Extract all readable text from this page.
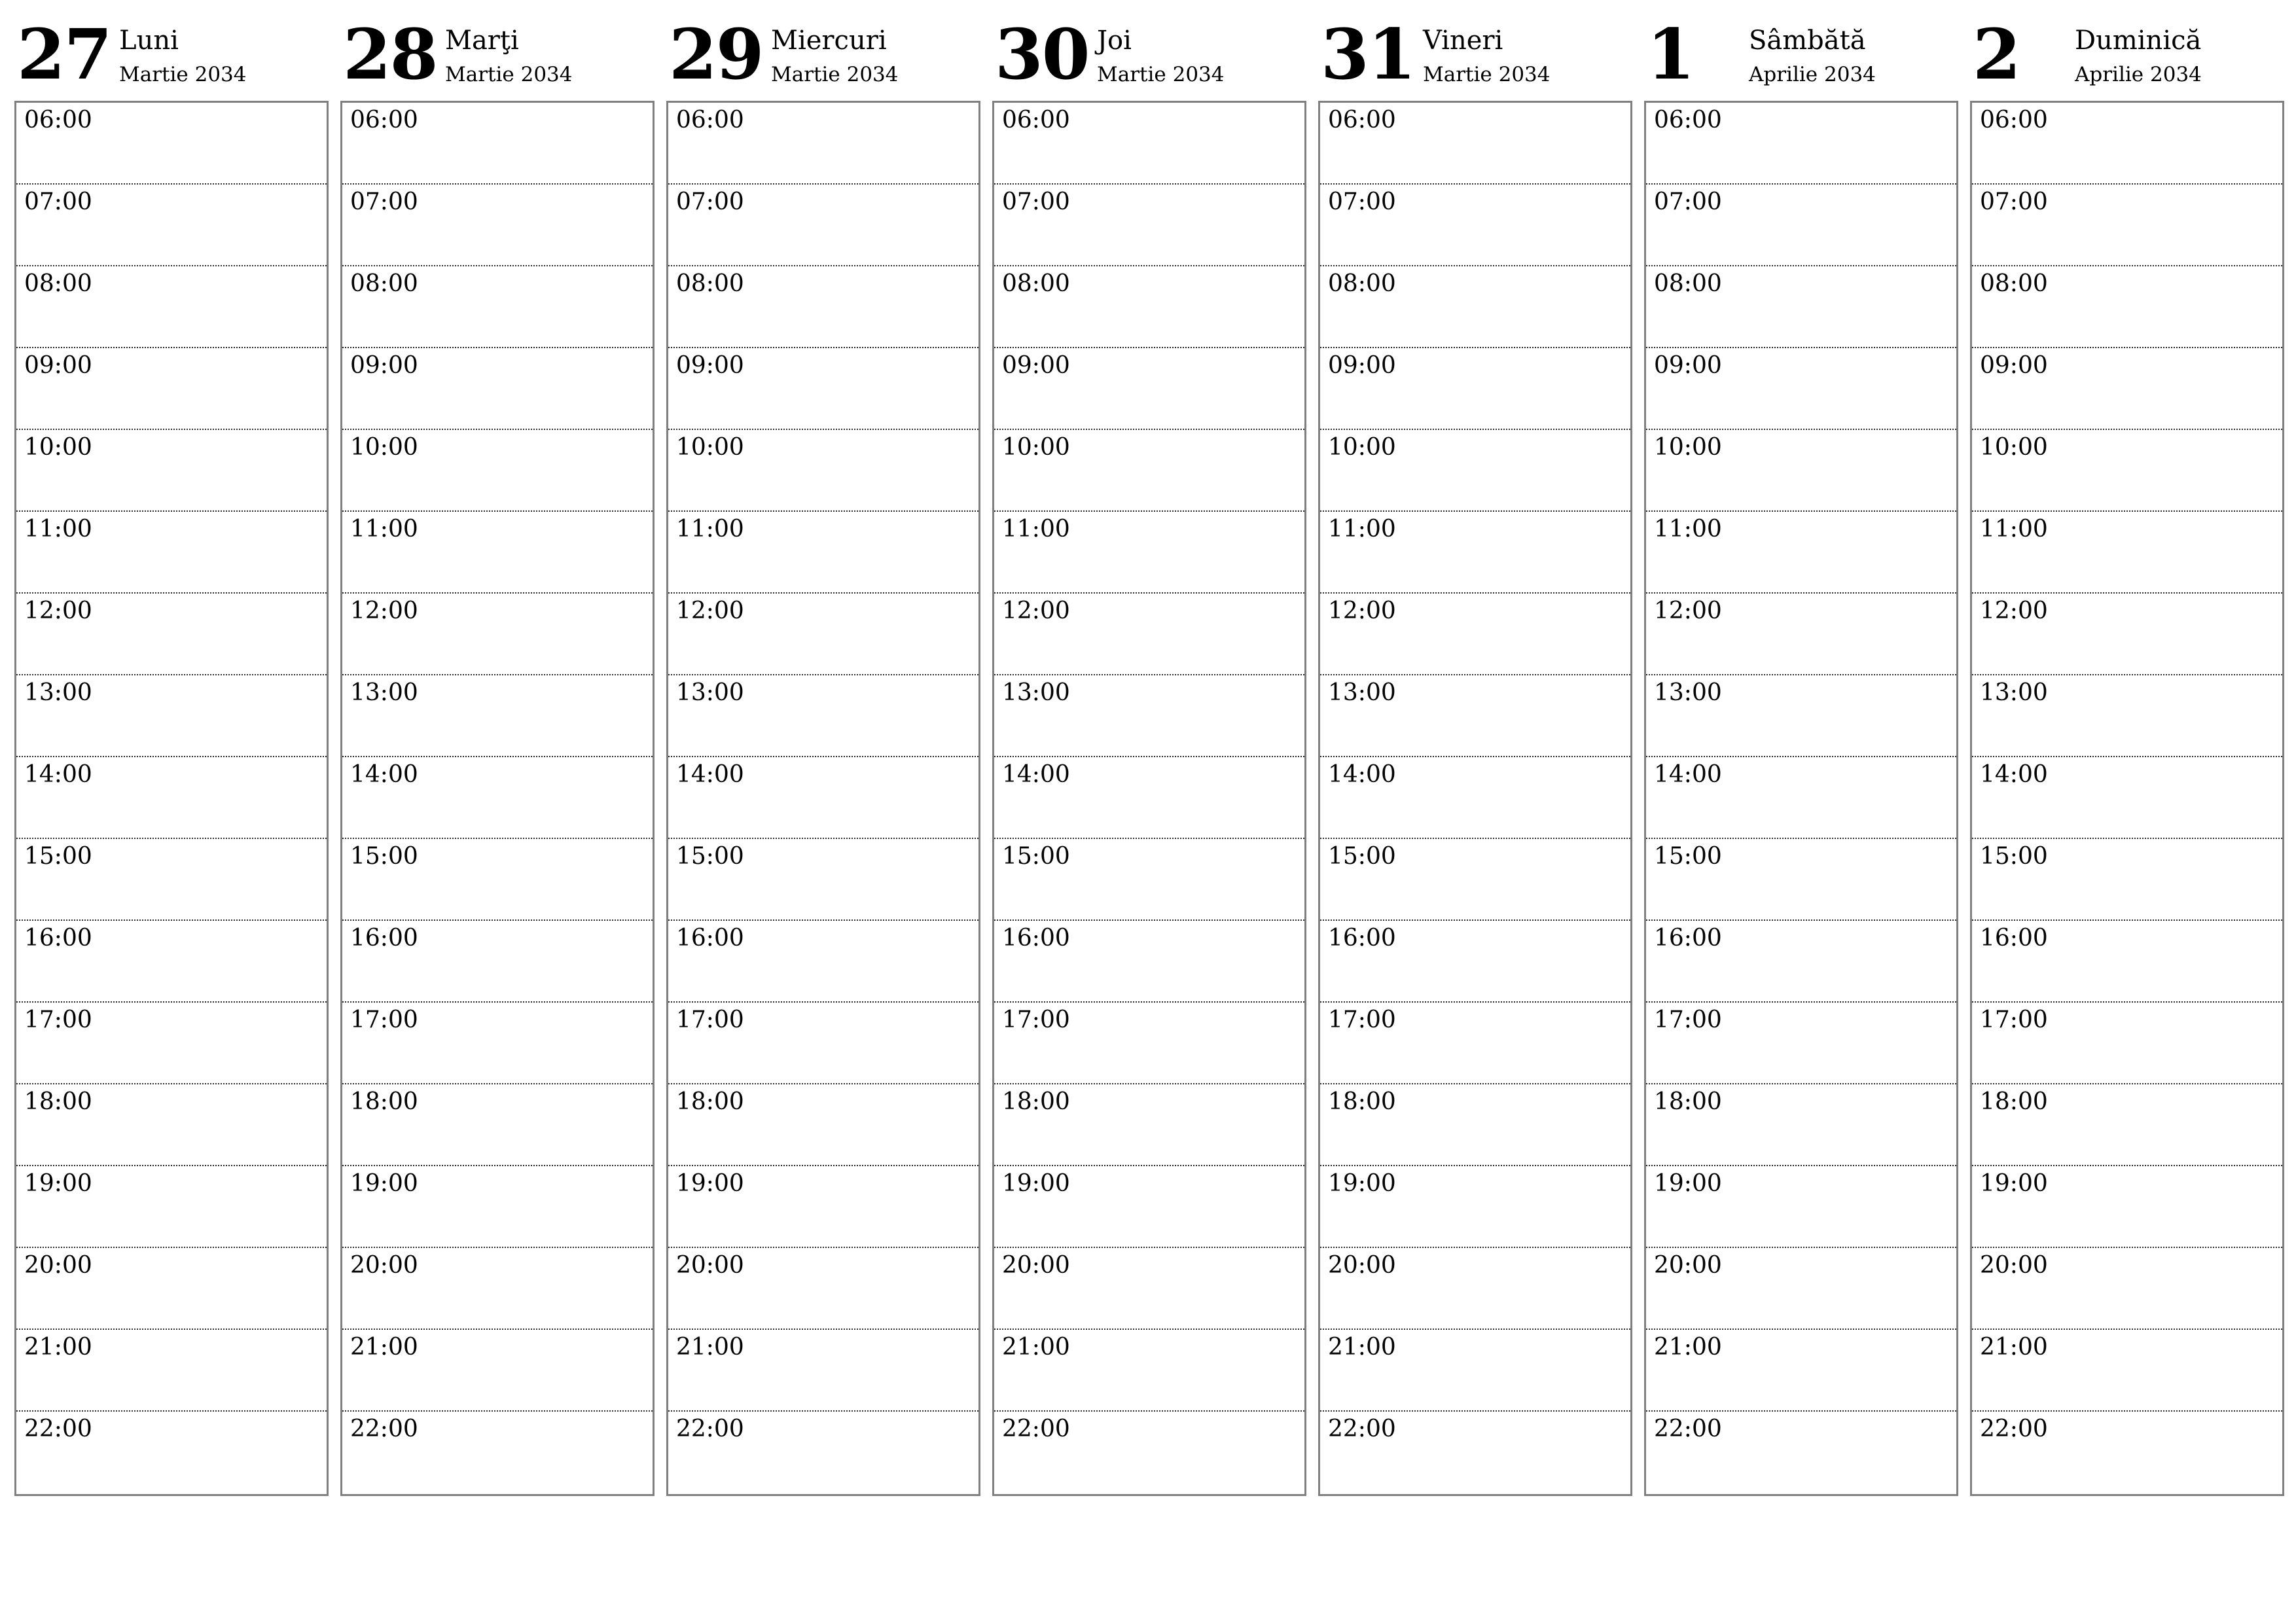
27 Luni
Martie 2034
06:00
07:00
08:00
09:00
10:00
11:00
12:00
13:00
14:00
15:00
16:00
17:00
18:00
19:00
20:00
21:00
22:00
28 Marţi
Martie 2034
06:00
07:00
08:00
09:00
10:00
11:00
12:00
13:00
14:00
15:00
16:00
17:00
18:00
19:00
20:00
21:00
22:00
29 Miercuri
Martie 2034
06:00
07:00
08:00
09:00
10:00
11:00
12:00
13:00
14:00
15:00
16:00
17:00
18:00
19:00
20:00
21:00
22:00
30 Joi
Martie 2034
06:00
07:00
08:00
09:00
10:00
11:00
12:00
13:00
14:00
15:00
16:00
17:00
18:00
19:00
20:00
21:00
22:00
31 Vineri
Martie 2034
06:00
07:00
08:00
09:00
10:00
11:00
12:00
13:00
14:00
15:00
16:00
17:00
18:00
19:00
20:00
21:00
22:00
1 Sâmbătă
Aprilie 2034
06:00
07:00
08:00
09:00
10:00
11:00
12:00
13:00
14:00
15:00
16:00
17:00
18:00
19:00
20:00
21:00
22:00
2 Duminică
Aprilie 2034
06:00
07:00
08:00
09:00
10:00
11:00
12:00
13:00
14:00
15:00
16:00
17:00
18:00
19:00
20:00
21:00
22:00
